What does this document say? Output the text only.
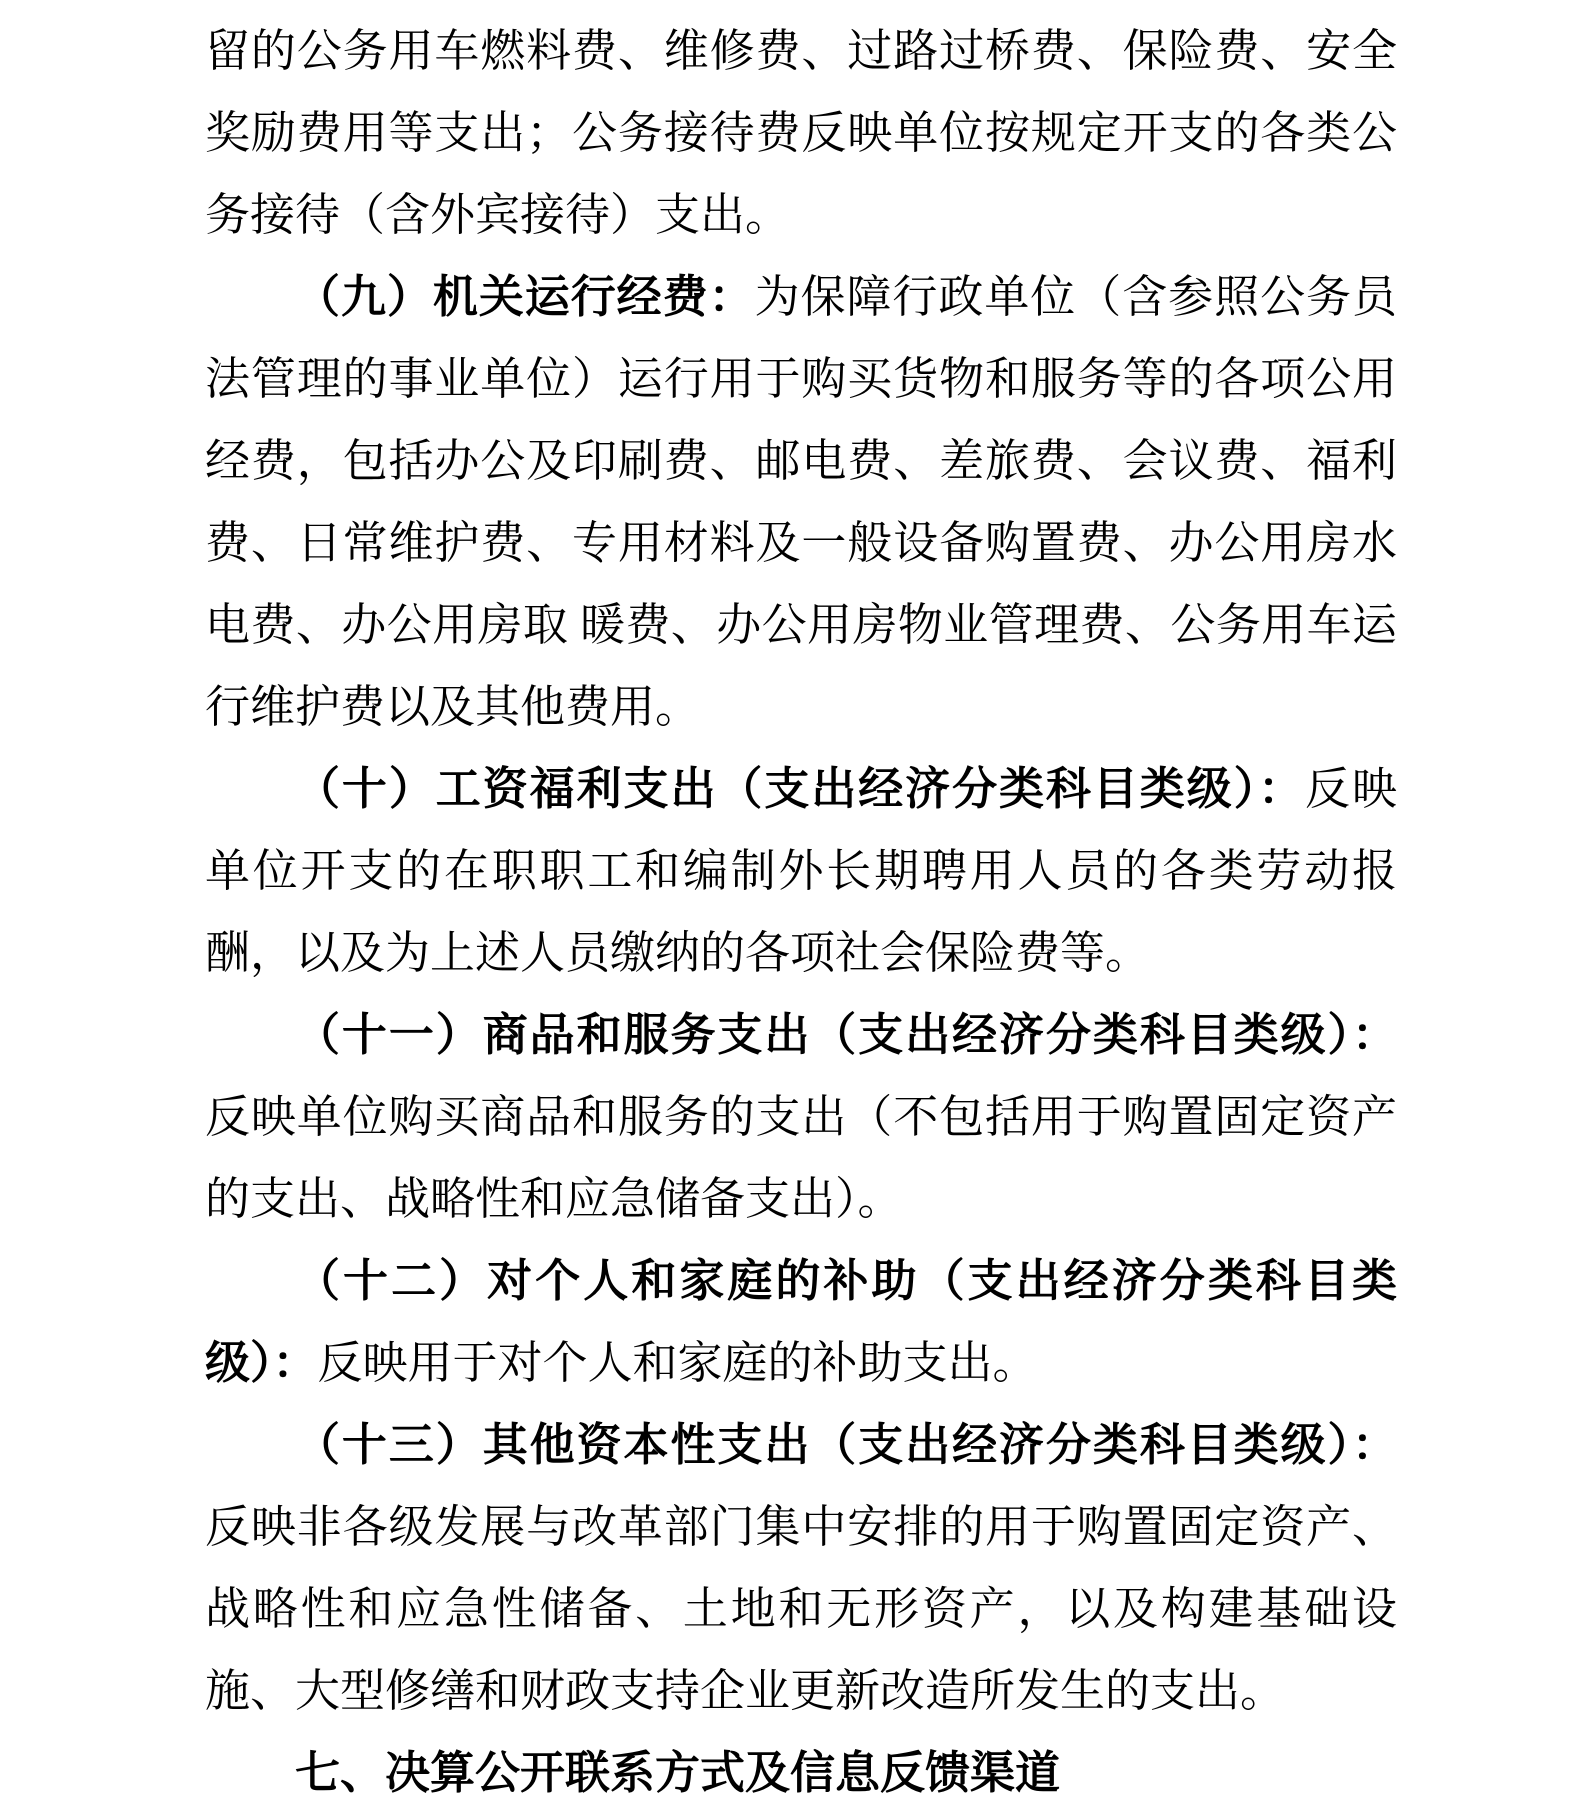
留的公务用车燃料费、维修费、过路过桥费、保险费、安全奖励费用等支出；公务接待费反映单位按规定开支的各类公务接待（含外宾接待）支出。

（九）机关运行经费：为保障行政单位（含参照公务员法管理的事业单位）运行用于购买货物和服务等的各项公用经费，包括办公及印刷费、邮电费、差旅费、会议费、福利费、日常维护费、专用材料及一般设备购置费、办公用房水电费、办公用房取 暖费、办公用房物业管理费、公务用车运行维护费以及其他费用。

（十）工资福利支出（支出经济分类科目类级）：反映单位开支的在职职工和编制外长期聘用人员的各类劳动报酬，以及为上述人员缴纳的各项社会保险费等。

（十一）商品和服务支出（支出经济分类科目类级）：反映单位购买商品和服务的支出（不包括用于购置固定资产的支出、战略性和应急储备支出）。

（十二）对个人和家庭的补助（支出经济分类科目类级）：反映用于对个人和家庭的补助支出。

（十三）其他资本性支出（支出经济分类科目类级）：反映非各级发展与改革部门集中安排的用于购置固定资产、战略性和应急性储备、土地和无形资产，以及构建基础设施、大型修缮和财政支持企业更新改造所发生的支出。

七、决算公开联系方式及信息反馈渠道
